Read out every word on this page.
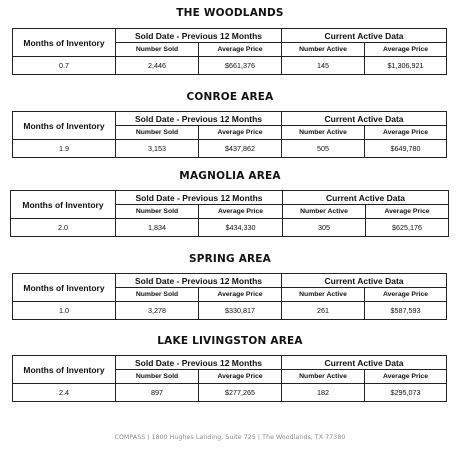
THE WOODLANDS
Months of Inventory	Sold Date - Previous 12 Months		Current Active Data	
	Number Sold	Average Price	Number Active	Average Price
0.7	2,446	$661,376	145	$1,306,921
CONROE AREA
Months of Inventory	Sold Date - Previous 12 Months		Current Active Data	
	Number Sold	Average Price	Number Active	Average Price
1.9	3,153	$437,862	505	$649,780
MAGNOLIA AREA
Months of Inventory	Sold Date - Previous 12 Months		Current Active Data	
	Number Sold	Average Price	Number Active	Average Price
2.0	1,834	$434,330	305	$625,176
SPRING AREA
Months of Inventory	Sold Date - Previous 12 Months		Current Active Data	
	Number Sold	Average Price	Number Active	Average Price
1.0	3,278	$330,817	261	$587,593
LAKE LIVINGSTON AREA
Months of Inventory	Sold Date - Previous 12 Months		Current Active Data	
	Number Sold	Average Price	Number Active	Average Price
2.4	897	$277,265	182	$295,073
COMPASS | 1800 Hughes Landing, Suite 725 | The Woodlands, TX 77380
